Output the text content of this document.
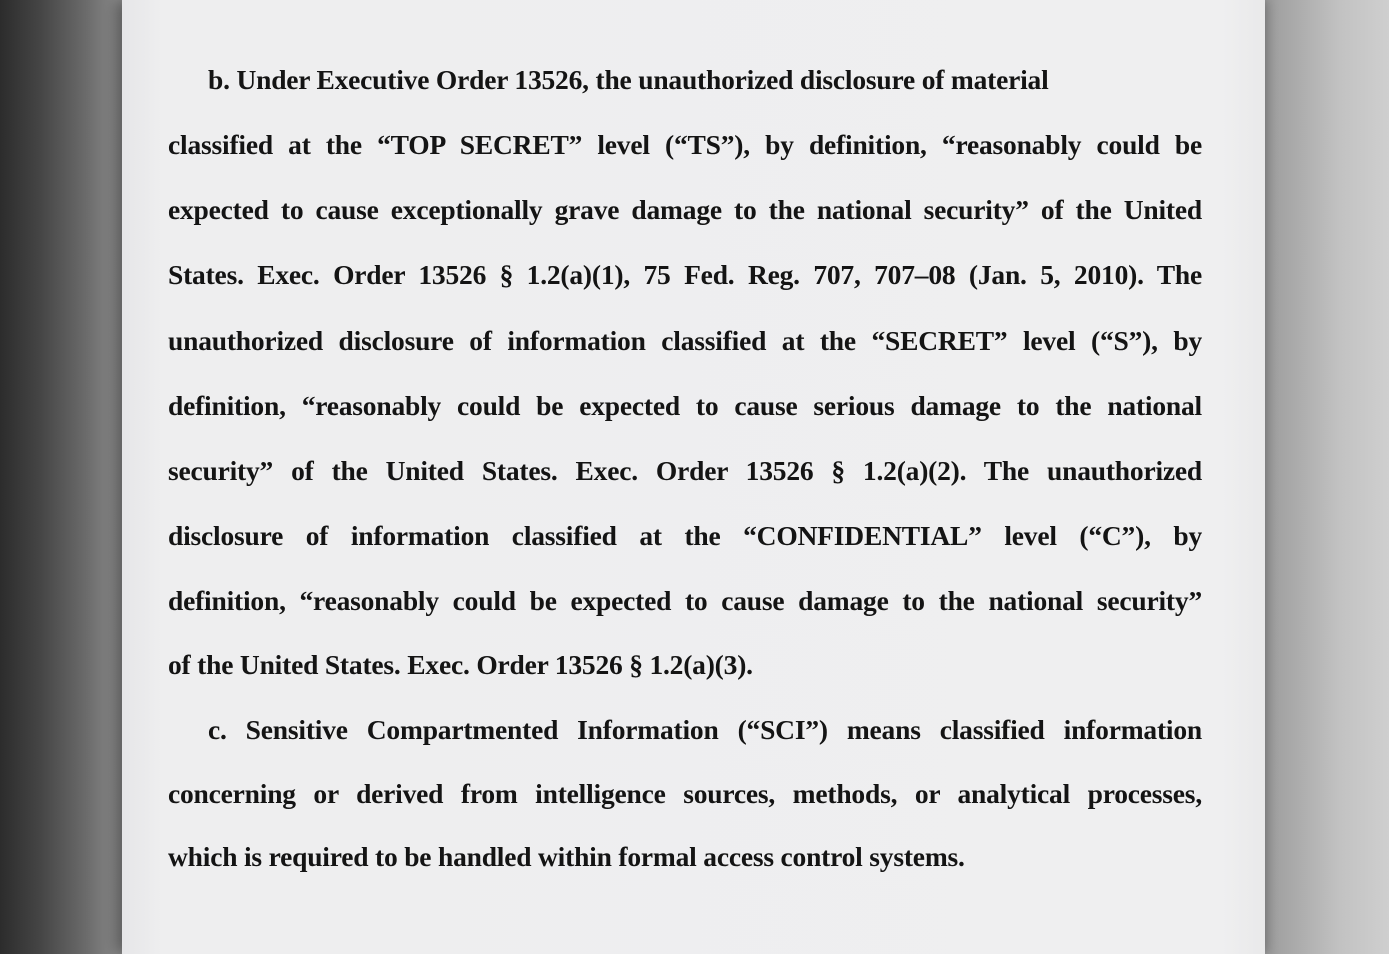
b. Under Executive Order 13526, the unauthorized disclosure of material

classified at the “TOP SECRET” level (“TS”), by definition, “reasonably could be

expected to cause exceptionally grave damage to the national security” of the United

States. Exec. Order 13526 § 1.2(a)(1), 75 Fed. Reg. 707, 707–08 (Jan. 5, 2010). The

unauthorized disclosure of information classified at the “SECRET” level (“S”), by

definition, “reasonably could be expected to cause serious damage to the national

security” of the United States. Exec. Order 13526 § 1.2(a)(2). The unauthorized

disclosure of information classified at the “CONFIDENTIAL” level (“C”), by

definition, “reasonably could be expected to cause damage to the national security”

of the United States. Exec. Order 13526 § 1.2(a)(3).

c. Sensitive Compartmented Information (“SCI”) means classified information

concerning or derived from intelligence sources, methods, or analytical processes,

which is required to be handled within formal access control systems.
